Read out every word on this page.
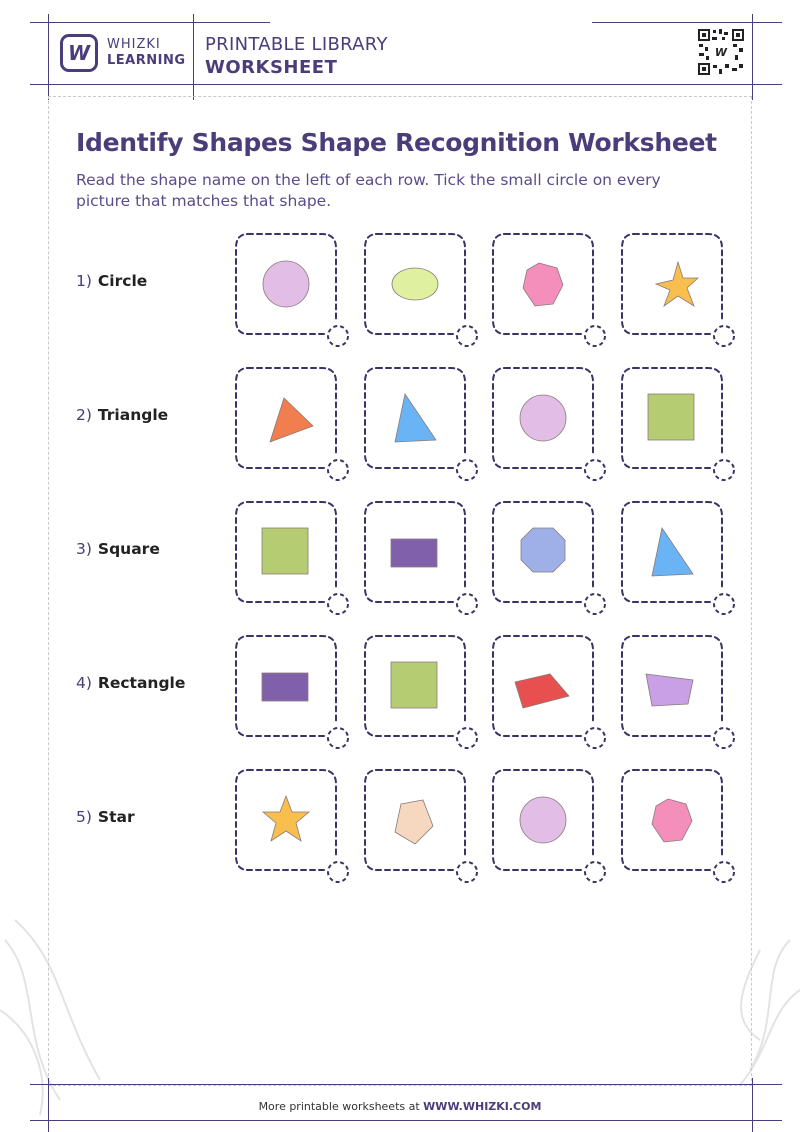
W	WHIZKI
LEARNING
PRINTABLE LIBRARY
WORKSHEET
W
Identify Shapes Shape Recognition Worksheet
Read the shape name on the left of each row. Tick the small circle on every picture that matches that shape.
1) Circle
2) Triangle
3) Square
4) Rectangle
5) Star
More printable worksheets at WWW.WHIZKI.COM
